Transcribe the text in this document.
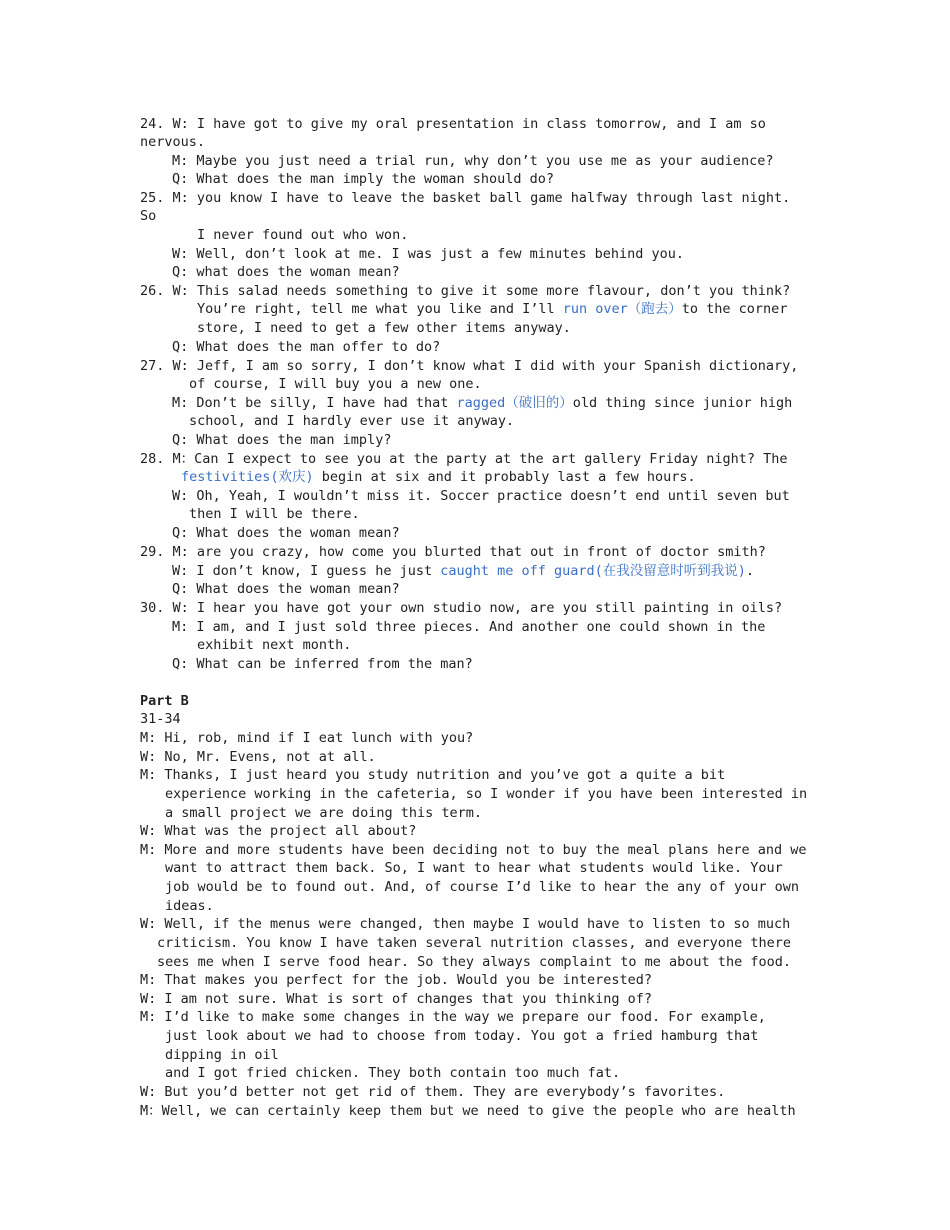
24. W: I have got to give my oral presentation in class tomorrow, and I am so
nervous.
M: Maybe you just need a trial run, why don’t you use me as your audience?
Q: What does the man imply the woman should do?
25. M: you know I have to leave the basket ball game halfway through last night.
So
I never found out who won.
W: Well, don’t look at me. I was just a few minutes behind you.
Q: what does the woman mean?
26. W: This salad needs something to give it some more flavour, don’t you think?
You’re right, tell me what you like and I’ll run over（跑去）to the corner
store, I need to get a few other items anyway.
Q: What does the man offer to do?
27. W: Jeff, I am so sorry, I don’t know what I did with your Spanish dictionary,
of course, I will buy you a new one.
M: Don’t be silly, I have had that ragged（破旧的）old thing since junior high
school, and I hardly ever use it anyway.
Q: What does the man imply?
28. M：Can I expect to see you at the party at the art gallery Friday night? The
festivities(欢庆) begin at six and it probably last a few hours.
W: Oh, Yeah, I wouldn’t miss it. Soccer practice doesn’t end until seven but
then I will be there.
Q: What does the woman mean?
29. M: are you crazy, how come you blurted that out in front of doctor smith?
W: I don’t know, I guess he just caught me off guard(在我没留意时听到我说).
Q: What does the woman mean?
30. W: I hear you have got your own studio now, are you still painting in oils?
M: I am, and I just sold three pieces. And another one could shown in the
exhibit next month.
Q: What can be inferred from the man?
Part B
31-34
M: Hi, rob, mind if I eat lunch with you?
W: No, Mr. Evens, not at all.
M: Thanks, I just heard you study nutrition and you’ve got a quite a bit
experience working in the cafeteria, so I wonder if you have been interested in
a small project we are doing this term.
W: What was the project all about?
M: More and more students have been deciding not to buy the meal plans here and we
want to attract them back. So, I want to hear what students would like. Your
job would be to found out. And, of course I’d like to hear the any of your own
ideas.
W: Well, if the menus were changed, then maybe I would have to listen to so much
criticism. You know I have taken several nutrition classes, and everyone there
sees me when I serve food hear. So they always complaint to me about the food.
M: That makes you perfect for the job. Would you be interested?
W: I am not sure. What is sort of changes that you thinking of?
M: I’d like to make some changes in the way we prepare our food. For example,
just look about we had to choose from today. You got a fried hamburg that
dipping in oil
and I got fried chicken. They both contain too much fat.
W: But you’d better not get rid of them. They are everybody’s favorites.
M：Well, we can certainly keep them but we need to give the people who are health
